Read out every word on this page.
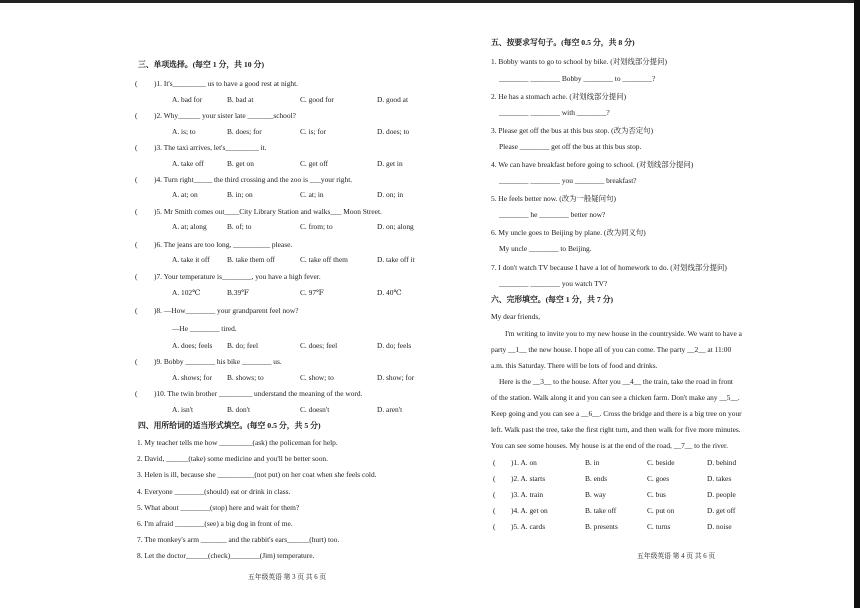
三、单项选择。(每空 1 分，共 10 分)
( )1. It's_________ us to have a good rest at night.
A. bad for	B. bad at	C. good for	D. good at
( )2. Why______ your sister late _______school?
A. is; to	B. does; for	C. is; for	D. does; to
( )3. The taxi arrives, let's_________ it.
A. take off	B. get on	C. get off	D. get in
( )4. Turn right_____ the third crossing and the zoo is ___your right.
A. at; on	B. in; on	C. at; in	D. on; in
( )5. Mr Smith comes out____City Library Station and walks___ Moon Street.
A. at; along	B. of; to	C. from; to	D. on; along
( )6. The jeans are too long, __________ please.
A. take it off B. take them off	C. take off them	D. take off it
( )7. Your temperature is________, you have a high fever.
A. 102℃	B.39℉	C. 97℉	D. 40℃
( )8. —How________ your grandparent feel now?
—He ________ tired.
A. does; feels B. do; feel	C. does; feel	D. do; feels
( )9. Bobby ________ his bike ________ us.
A. shows; for B. shows; to	C. show; to	D. show; for
( )10. The twin brother _________ understand the meaning of the word.
A. isn't	B. don't	C. doesn't	D. aren't
四、用所给词的适当形式填空。(每空 0.5 分，共 5 分)
1. My teacher tells me how _________(ask) the policeman for help.
2. David, ______(take) some medicine and you'll be better soon.
3. Helen is ill, because she __________(not put) on her coat when she feels cold.
4. Everyone ________(should) eat or drink in class.
5. What about ________(stop) here and wait for them?
6. I'm afraid ________(see) a big dog in front of me.
7. The monkey's arm _______ and the rabbit's ears______(hurt) too.
8. Let the doctor______(check)________(Jim) temperature.
五年级英语 第 3 页 共 6 页
五、按要求写句子。(每空 0.5 分，共 8 分)
1. Bobby wants to go to school by bike. (对划线部分提问)
________ ________ Bobby ________ to ________?
2. He has a stomach ache. (对划线部分提问)
________ ________ with ________?
3. Please get off the bus at this bus stop. (改为否定句)
Please ________ get off the bus at this bus stop.
4. We can have breakfast before going to school. (对划线部分提问)
________ ________ you ________ breakfast?
5. He feels better now. (改为一般疑问句)
________ he ________ better now?
6. My uncle goes to Beijing by plane. (改为同义句)
My uncle ________ to Beijing.
7. I don't watch TV because I have a lot of homework to do. (对划线部分提问)
________ ________ you watch TV?
六、完形填空。(每空 1 分，共 7 分)
My dear friends,
I'm writing to invite you to my new house in the countryside. We want to have a
party __1__ the new house. I hope all of you can come. The party __2__ at 11:00
a.m. this Saturday. There will be lots of food and drinks.
Here is the __3__ to the house. After you __4__ the train, take the road in front
of the station. Walk along it and you can see a chicken farm. Don't make any __5__.
Keep going and you can see a __6__. Cross the bridge and there is a big tree on your
left. Walk past the tree, take the first right turn, and then walk for five more minutes.
You can see some houses. My house is at the end of the road, __7__ to the river.
( )1. A. on	B. in	C. beside	D. behind
( )2. A. starts	B. ends	C. goes	D. takes
( )3. A. train	B. way	C. bus	D. people
( )4. A. get on	B. take off	C. put on	D. get off
( )5. A. cards	B. presents	C. turns	D. noise
五年级英语 第 4 页 共 6 页
